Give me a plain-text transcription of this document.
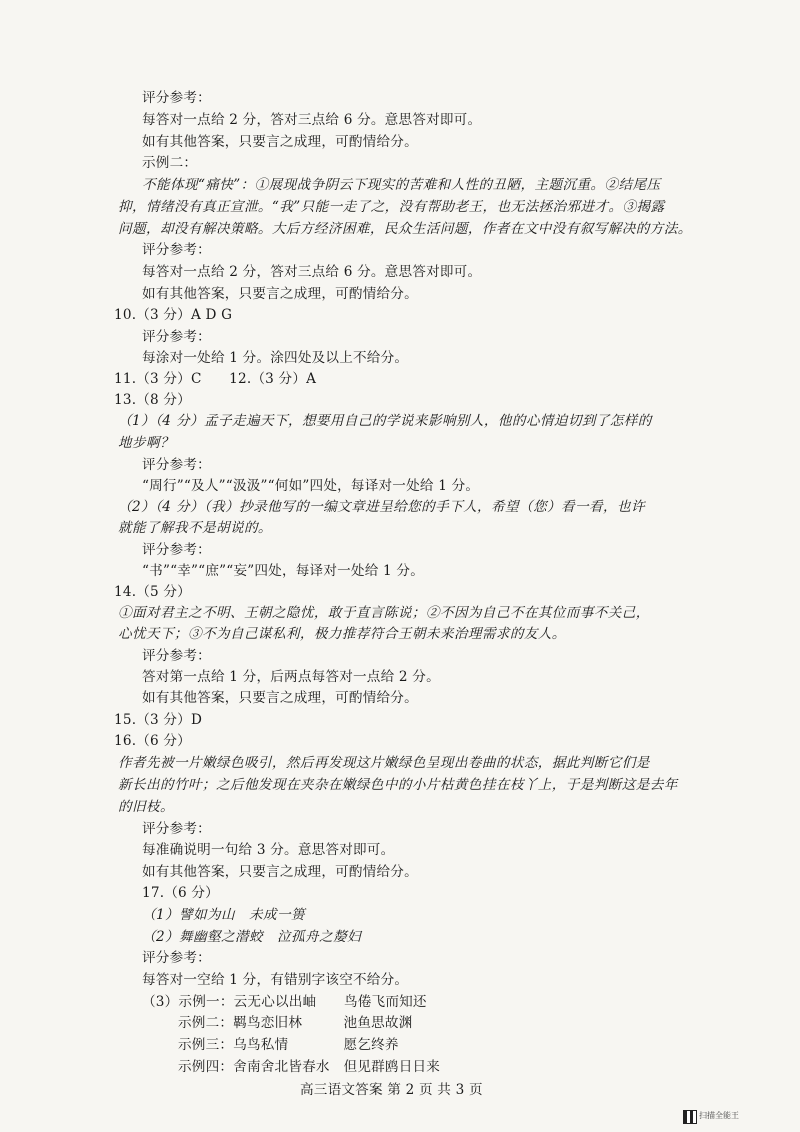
评分参考：
每答对一点给 2 分，答对三点给 6 分。意思答对即可。
如有其他答案，只要言之成理，可酌情给分。
示例二：
不能体现“痛快”：①展现战争阴云下现实的苦难和人性的丑陋，主题沉重。②结尾压
抑，情绪没有真正宣泄。“我”只能一走了之，没有帮助老王，也无法拯治邪进才。③揭露
问题，却没有解决策略。大后方经济困难，民众生活问题，作者在文中没有叙写解决的方法。
评分参考：
每答对一点给 2 分，答对三点给 6 分。意思答对即可。
如有其他答案，只要言之成理，可酌情给分。
10.（3 分）A D G
评分参考：
每涂对一处给 1 分。涂四处及以上不给分。
11.（3 分）C　　12.（3 分）A
13.（8 分）
（1）（4 分）孟子走遍天下，想要用自己的学说来影响别人，他的心情迫切到了怎样的
地步啊？
评分参考：
“周行”“及人”“汲汲”“何如”四处，每译对一处给 1 分。
（2）（4 分）（我）抄录他写的一编文章进呈给您的手下人，希望（您）看一看，也许
就能了解我不是胡说的。
评分参考：
“书”“幸”“庶”“妄”四处，每译对一处给 1 分。
14.（5 分）
①面对君主之不明、王朝之隐忧，敢于直言陈说；②不因为自己不在其位而事不关己，
心忧天下；③不为自己谋私利，极力推荐符合王朝未来治理需求的友人。
评分参考：
答对第一点给 1 分，后两点每答对一点给 2 分。
如有其他答案，只要言之成理，可酌情给分。
15.（3 分）D
16.（6 分）
作者先被一片嫩绿色吸引，然后再发现这片嫩绿色呈现出卷曲的状态，据此判断它们是
新长出的竹叶；之后他发现在夹杂在嫩绿色中的小片枯黄色挂在枝丫上，于是判断这是去年
的旧枝。
评分参考：
每准确说明一句给 3 分。意思答对即可。
如有其他答案，只要言之成理，可酌情给分。
17.（6 分）
（1）譬如为山　未成一篑
（2）舞幽壑之潜蛟　泣孤舟之嫠妇
评分参考：
每答对一空给 1 分，有错别字该空不给分。
（3）示例一：云无心以出岫　　鸟倦飞而知还
示例二：羁鸟恋旧林　　　池鱼思故渊
示例三：乌鸟私情　　　　愿乞终养
示例四：舍南舍北皆春水　但见群鸥日日来
高三语文答案 第 2 页 共 3 页
扫描全能王
